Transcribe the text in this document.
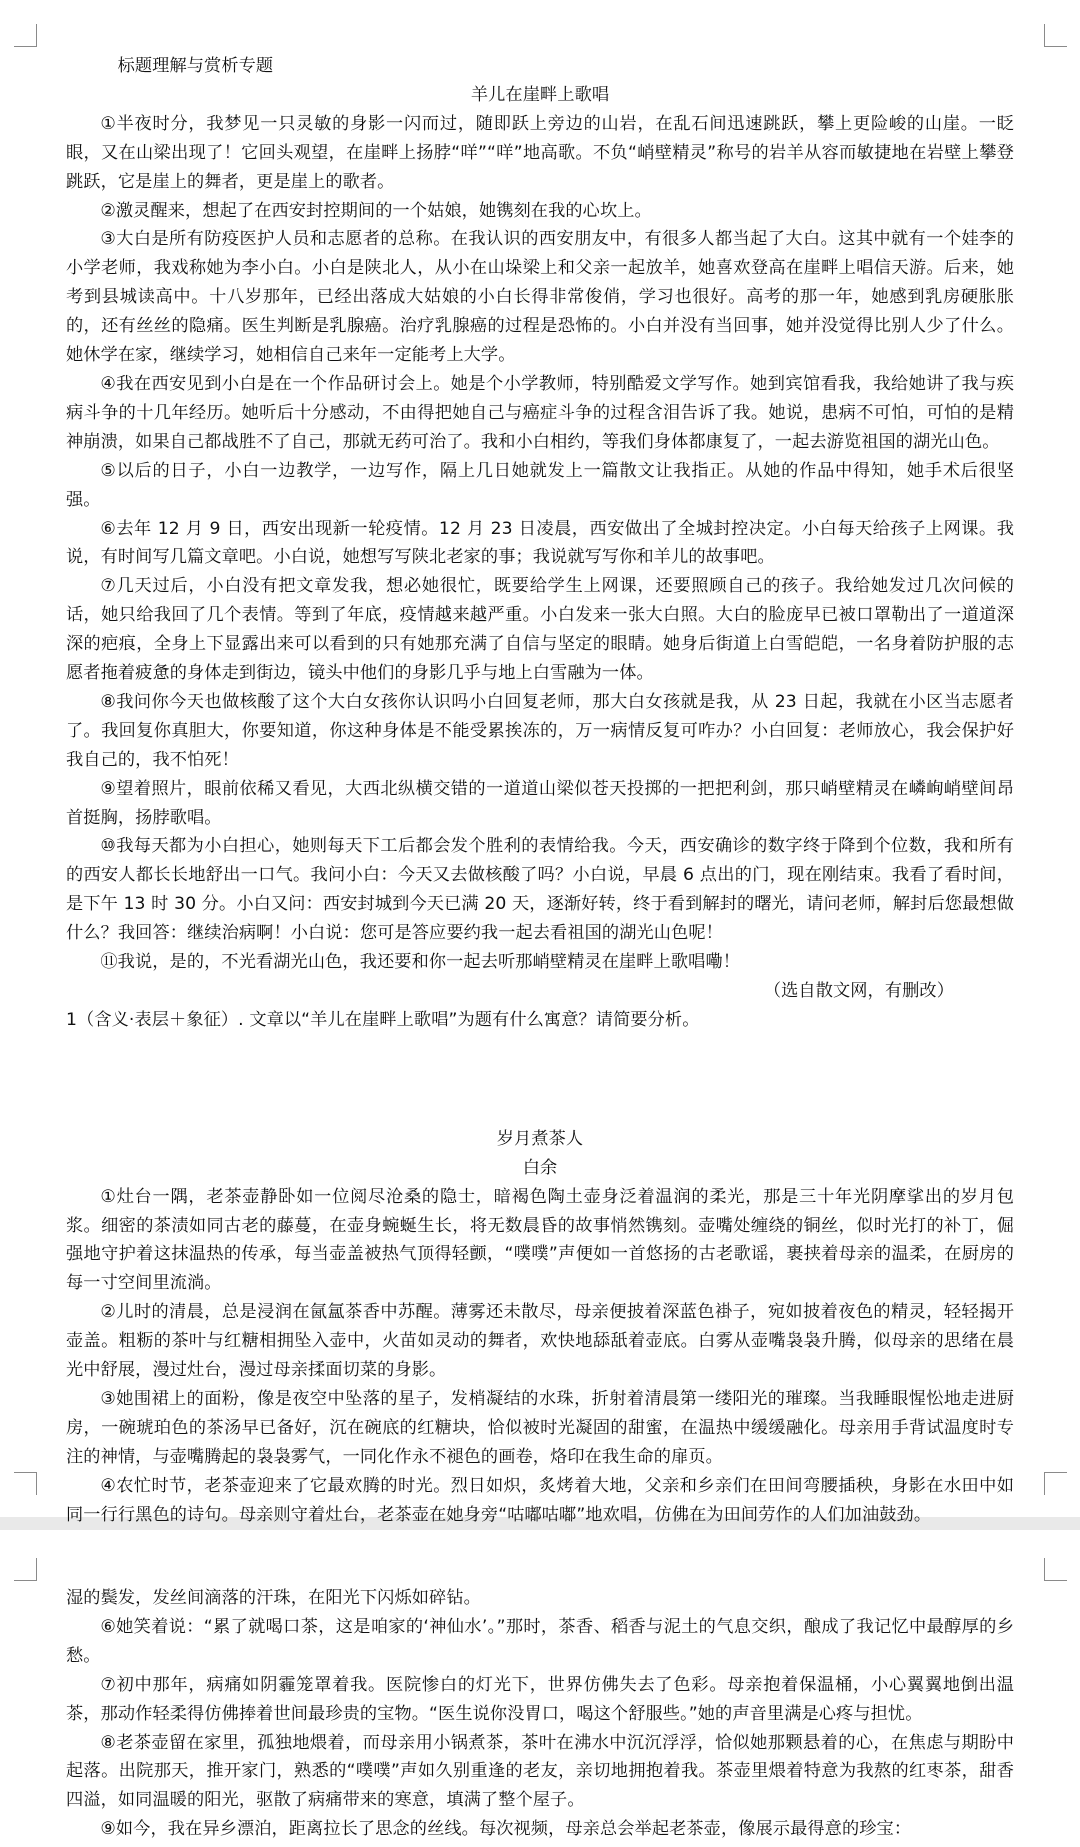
标题理解与赏析专题

羊儿在崖畔上歌唱

①半夜时分，我梦见一只灵敏的身影一闪而过，随即跃上旁边的山岩，在乱石间迅速跳跃，攀上更险峻的山崖。一眨眼，又在山梁出现了！它回头观望，在崖畔上扬脖“咩”“咩”地高歌。不负“峭壁精灵”称号的岩羊从容而敏捷地在岩壁上攀登跳跃，它是崖上的舞者，更是崖上的歌者。

②激灵醒来，想起了在西安封控期间的一个姑娘，她镌刻在我的心坎上。

③大白是所有防疫医护人员和志愿者的总称。在我认识的西安朋友中，有很多人都当起了大白。这其中就有一个娃李的小学老师，我戏称她为李小白。小白是陕北人，从小在山垛梁上和父亲一起放羊，她喜欢登高在崖畔上唱信天游。后来，她考到县城读高中。十八岁那年，已经出落成大姑娘的小白长得非常俊俏，学习也很好。高考的那一年，她感到乳房硬胀胀的，还有丝丝的隐痛。医生判断是乳腺癌。治疗乳腺癌的过程是恐怖的。小白并没有当回事，她并没觉得比别人少了什么。她休学在家，继续学习，她相信自己来年一定能考上大学。

④我在西安见到小白是在一个作品研讨会上。她是个小学教师，特别酷爱文学写作。她到宾馆看我，我给她讲了我与疾病斗争的十几年经历。她听后十分感动，不由得把她自己与癌症斗争的过程含泪告诉了我。她说，患病不可怕，可怕的是精神崩溃，如果自己都战胜不了自己，那就无药可治了。我和小白相约，等我们身体都康复了，一起去游览祖国的湖光山色。

⑤以后的日子，小白一边教学，一边写作，隔上几日她就发上一篇散文让我指正。从她的作品中得知，她手术后很坚强。

⑥去年 12 月 9 日，西安出现新一轮疫情。12 月 23 日凌晨，西安做出了全城封控决定。小白每天给孩子上网课。我说，有时间写几篇文章吧。小白说，她想写写陕北老家的事；我说就写写你和羊儿的故事吧。

⑦几天过后，小白没有把文章发我，想必她很忙，既要给学生上网课，还要照顾自己的孩子。我给她发过几次问候的话，她只给我回了几个表情。等到了年底，疫情越来越严重。小白发来一张大白照。大白的脸庞早已被口罩勒出了一道道深深的疤痕，全身上下显露出来可以看到的只有她那充满了自信与坚定的眼睛。她身后街道上白雪皑皑，一名身着防护服的志愿者拖着疲惫的身体走到街边，镜头中他们的身影几乎与地上白雪融为一体。

⑧我问你今天也做核酸了这个大白女孩你认识吗小白回复老师，那大白女孩就是我，从 23 日起，我就在小区当志愿者了。我回复你真胆大，你要知道，你这种身体是不能受累挨冻的，万一病情反复可咋办？小白回复：老师放心，我会保护好我自己的，我不怕死！

⑨望着照片，眼前依稀又看见，大西北纵横交错的一道道山梁似苍天投掷的一把把利剑，那只峭壁精灵在嶙峋峭壁间昂首挺胸，扬脖歌唱。

⑩我每天都为小白担心，她则每天下工后都会发个胜利的表情给我。今天，西安确诊的数字终于降到个位数，我和所有的西安人都长长地舒出一口气。我问小白：今天又去做核酸了吗？小白说，早晨 6 点出的门，现在刚结束。我看了看时间，是下午 13 时 30 分。小白又问：西安封城到今天已满 20 天，逐渐好转，终于看到解封的曙光，请问老师，解封后您最想做什么？我回答：继续治病啊！小白说：您可是答应要约我一起去看祖国的湖光山色呢！

⑪我说，是的，不光看湖光山色，我还要和你一起去听那峭壁精灵在崖畔上歌唱嘞！

（选自散文网，有删改）

1（含义·表层＋象征）. 文章以“羊儿在崖畔上歌唱”为题有什么寓意？请简要分析。

岁月煮茶人

白余

①灶台一隅，老茶壶静卧如一位阅尽沧桑的隐士，暗褐色陶土壶身泛着温润的柔光，那是三十年光阴摩挲出的岁月包浆。细密的茶渍如同古老的藤蔓，在壶身蜿蜒生长，将无数晨昏的故事悄然镌刻。壶嘴处缠绕的铜丝，似时光打的补丁，倔强地守护着这抹温热的传承，每当壶盖被热气顶得轻颤，“噗噗”声便如一首悠扬的古老歌谣，裹挟着母亲的温柔，在厨房的每一寸空间里流淌。

②儿时的清晨，总是浸润在氤氲茶香中苏醒。薄雾还未散尽，母亲便披着深蓝色褂子，宛如披着夜色的精灵，轻轻揭开壶盖。粗粝的茶叶与红糖相拥坠入壶中，火苗如灵动的舞者，欢快地舔舐着壶底。白雾从壶嘴袅袅升腾，似母亲的思绪在晨光中舒展，漫过灶台，漫过母亲揉面切菜的身影。

③她围裙上的面粉，像是夜空中坠落的星子，发梢凝结的水珠，折射着清晨第一缕阳光的璀璨。当我睡眼惺忪地走进厨房，一碗琥珀色的茶汤早已备好，沉在碗底的红糖块，恰似被时光凝固的甜蜜，在温热中缓缓融化。母亲用手背试温度时专注的神情，与壶嘴腾起的袅袅雾气，一同化作永不褪色的画卷，烙印在我生命的扉页。

④农忙时节，老茶壶迎来了它最欢腾的时光。烈日如炽，炙烤着大地，父亲和乡亲们在田间弯腰插秧，身影在水田中如同一行行黑色的诗句。母亲则守着灶台，老茶壶在她身旁“咕嘟咕嘟”地欢唱，仿佛在为田间劳作的人们加油鼓劲。

湿的鬓发，发丝间滴落的汗珠，在阳光下闪烁如碎钻。

⑥她笑着说：“累了就喝口茶，这是咱家的‘神仙水’。”那时，茶香、稻香与泥土的气息交织，酿成了我记忆中最醇厚的乡愁。

⑦初中那年，病痛如阴霾笼罩着我。医院惨白的灯光下，世界仿佛失去了色彩。母亲抱着保温桶，小心翼翼地倒出温茶，那动作轻柔得仿佛捧着世间最珍贵的宝物。“医生说你没胃口，喝这个舒服些。”她的声音里满是心疼与担忧。

⑧老茶壶留在家里，孤独地煨着，而母亲用小锅煮茶，茶叶在沸水中沉沉浮浮，恰似她那颗悬着的心，在焦虑与期盼中起落。出院那天，推开家门，熟悉的“噗噗”声如久别重逢的老友，亲切地拥抱着我。茶壶里煨着特意为我熬的红枣茶，甜香四溢，如同温暖的阳光，驱散了病痛带来的寒意，填满了整个屋子。

⑨如今，我在异乡漂泊，距离拉长了思念的丝线。每次视频，母亲总会举起老茶壶，像展示最得意的珍宝：
